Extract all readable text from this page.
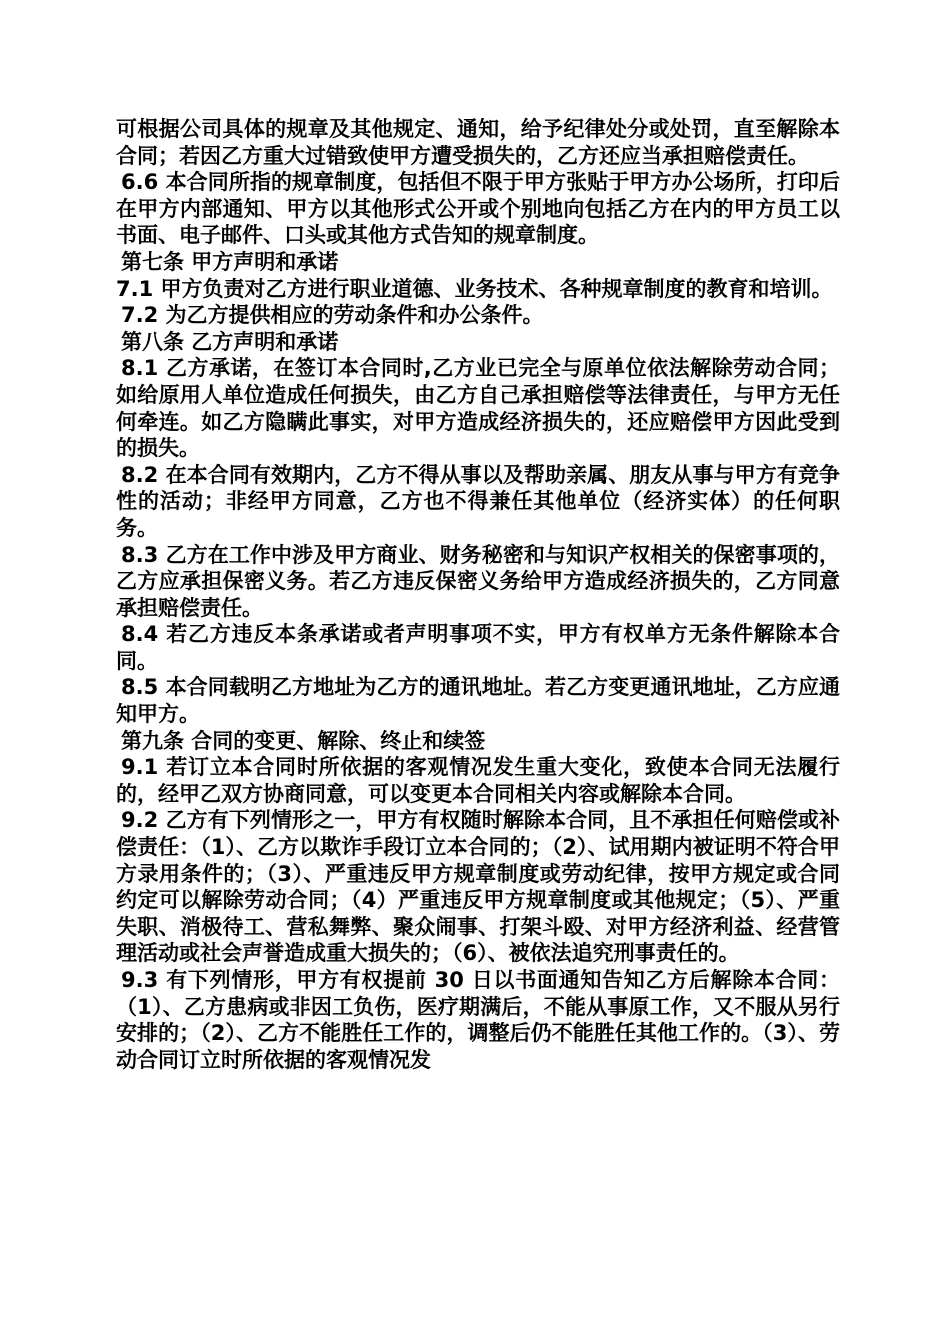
可根据公司具体的规章及其他规定、通知，给予纪律处分或处罚，直至解除本合同；若因乙方重大过错致使甲方遭受损失的，乙方还应当承担赔偿责任。

6.6 本合同所指的规章制度，包括但不限于甲方张贴于甲方办公场所，打印后在甲方内部通知、甲方以其他形式公开或个别地向包括乙方在内的甲方员工以书面、电子邮件、口头或其他方式告知的规章制度。

第七条 甲方声明和承诺

7.1 甲方负责对乙方进行职业道德、业务技术、各种规章制度的教育和培训。

7.2 为乙方提供相应的劳动条件和办公条件。

第八条 乙方声明和承诺

8.1 乙方承诺，在签订本合同时,乙方业已完全与原单位依法解除劳动合同；如给原用人单位造成任何损失，由乙方自己承担赔偿等法律责任，与甲方无任何牵连。如乙方隐瞒此事实，对甲方造成经济损失的，还应赔偿甲方因此受到的损失。

8.2 在本合同有效期内，乙方不得从事以及帮助亲属、朋友从事与甲方有竞争性的活动；非经甲方同意，乙方也不得兼任其他单位（经济实体）的任何职务。

8.3 乙方在工作中涉及甲方商业、财务秘密和与知识产权相关的保密事项的，乙方应承担保密义务。若乙方违反保密义务给甲方造成经济损失的，乙方同意承担赔偿责任。

8.4 若乙方违反本条承诺或者声明事项不实，甲方有权单方无条件解除本合同。

8.5 本合同载明乙方地址为乙方的通讯地址。若乙方变更通讯地址，乙方应通知甲方。

第九条 合同的变更、解除、终止和续签

9.1 若订立本合同时所依据的客观情况发生重大变化，致使本合同无法履行的，经甲乙双方协商同意，可以变更本合同相关内容或解除本合同。

9.2 乙方有下列情形之一，甲方有权随时解除本合同，且不承担任何赔偿或补偿责任：（1）、乙方以欺诈手段订立本合同的；（2）、试用期内被证明不符合甲方录用条件的；（3）、严重违反甲方规章制度或劳动纪律，按甲方规定或合同约定可以解除劳动合同；（4）严重违反甲方规章制度或其他规定；（5）、严重失职、消极待工、营私舞弊、聚众闹事、打架斗殴、对甲方经济利益、经营管理活动或社会声誉造成重大损失的；（6）、被依法追究刑事责任的。

9.3 有下列情形，甲方有权提前 30 日以书面通知告知乙方后解除本合同：（1）、乙方患病或非因工负伤，医疗期满后，不能从事原工作，又不服从另行安排的；（2）、乙方不能胜任工作的，调整后仍不能胜任其他工作的。（3）、劳动合同订立时所依据的客观情况发
